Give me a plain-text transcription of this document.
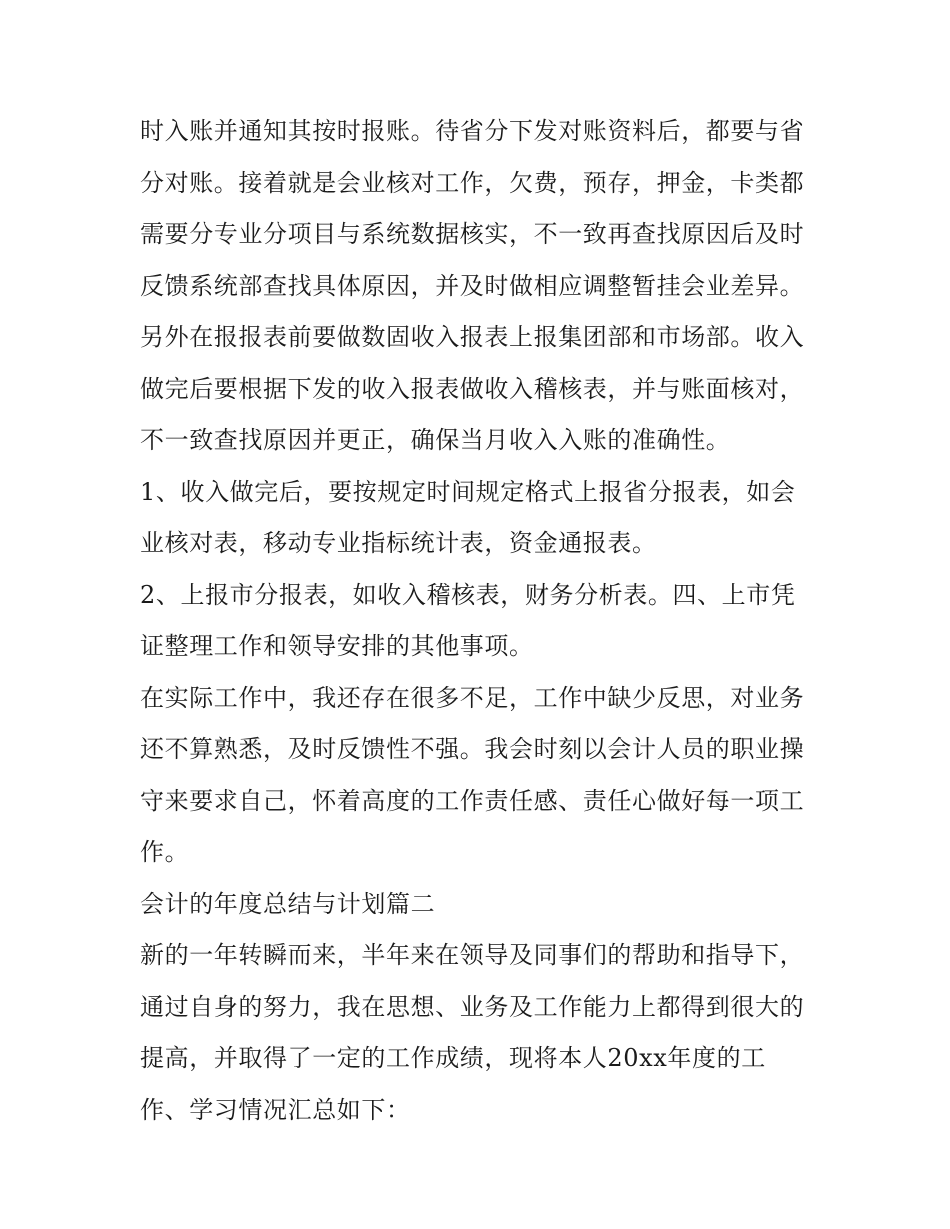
时入账并通知其按时报账。待省分下发对账资料后，都要与省

分对账。接着就是会业核对工作，欠费，预存，押金，卡类都

需要分专业分项目与系统数据核实，不一致再查找原因后及时

反馈系统部查找具体原因，并及时做相应调整暂挂会业差异。

另外在报报表前要做数固收入报表上报集团部和市场部。收入

做完后要根据下发的收入报表做收入稽核表，并与账面核对，

不一致查找原因并更正，确保当月收入入账的准确性。

1、收入做完后，要按规定时间规定格式上报省分报表，如会

业核对表，移动专业指标统计表，资金通报表。

2、上报市分报表，如收入稽核表，财务分析表。四、上市凭

证整理工作和领导安排的其他事项。

在实际工作中，我还存在很多不足，工作中缺少反思，对业务

还不算熟悉，及时反馈性不强。我会时刻以会计人员的职业操

守来要求自己，怀着高度的工作责任感、责任心做好每一项工

作。

会计的年度总结与计划篇二

新的一年转瞬而来，半年来在领导及同事们的帮助和指导下，

通过自身的努力，我在思想、业务及工作能力上都得到很大的

提高，并取得了一定的工作成绩，现将本人20xx年度的工

作、学习情况汇总如下：
